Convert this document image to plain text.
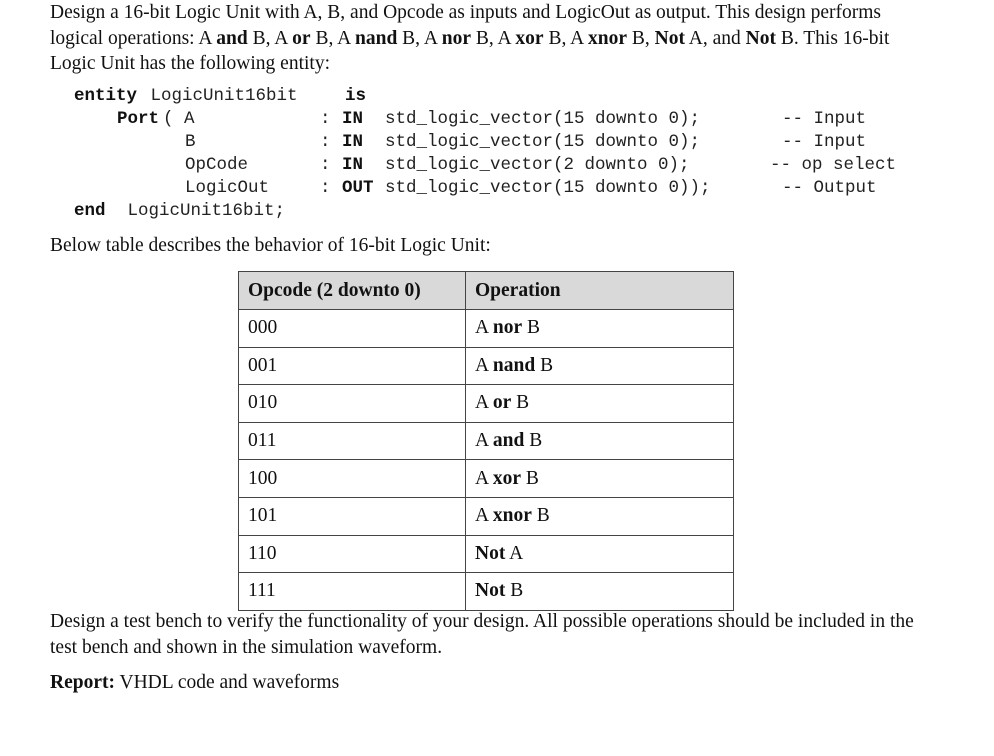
Design a 16-bit Logic Unit with A, B, and Opcode as inputs and LogicOut as output. This design performs logical operations: A and B, A or B, A nand B, A nor B, A xor B, A xnor B, Not A, and Not B. This 16-bit Logic Unit has the following entity:
entity LogicUnit16bit is
Port ( A	: IN std_logic_vector(15 downto 0);	-- Input
B	: IN std_logic_vector(15 downto 0);	-- Input
OpCode	: IN std_logic_vector(2 downto 0);	-- op select
LogicOut	: OUT std_logic_vector(15 downto 0));	-- Output
end LogicUnit16bit;
Below table describes the behavior of 16-bit Logic Unit:
Opcode (2 downto 0)	Operation
000	A nor B
001	A nand B
010	A or B
011	A and B
100	A xor B
101	A xnor B
110	Not A
111	Not B
Design a test bench to verify the functionality of your design. All possible operations should be included in the test bench and shown in the simulation waveform.
Report: VHDL code and waveforms
